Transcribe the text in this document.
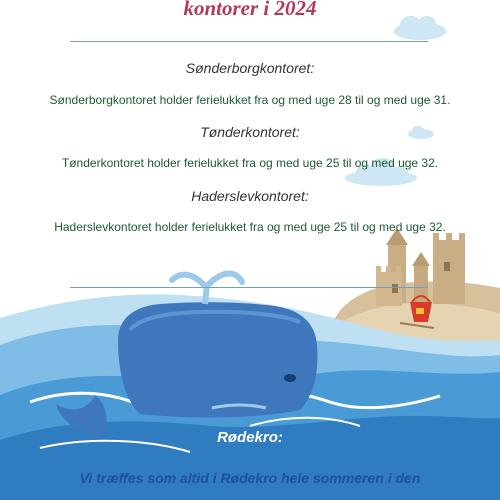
kontorer i 2024
Sønderborgkontoret:
Sønderborgkontoret holder ferielukket fra og med uge 28 til og med uge 31.
Tønderkontoret:
Tønderkontoret holder ferielukket fra og med uge 25 til og med uge 32.
Haderslevkontoret:
Haderslevkontoret holder ferielukket fra og med uge 25 til og med uge 32.
Rødekro:
Vi træffes som altid i Rødekro hele sommeren i den
